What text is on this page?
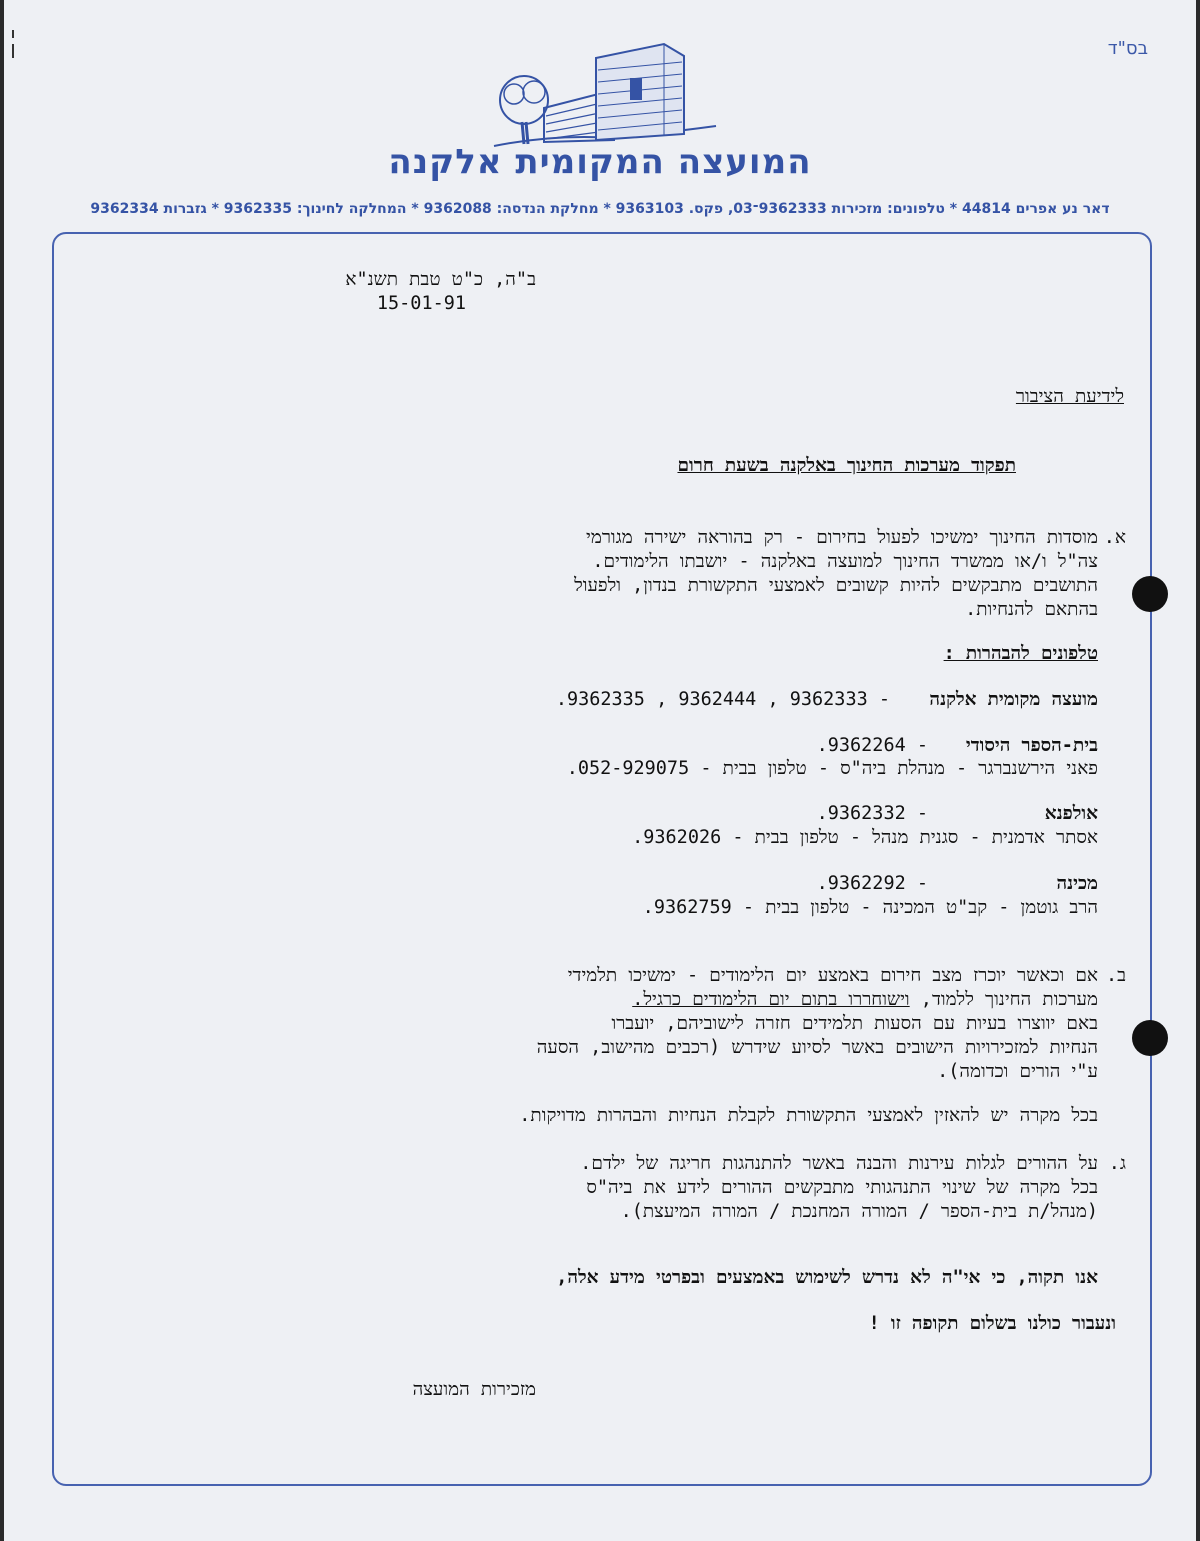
בס"ד
המועצה המקומית אלקנה
דאר נע אפרים 44814 * טלפונים: מזכירות 9362333־03, פקס. 9363103 * מחלקת הנדסה: 9362088 * המחלקה לחינוך: 9362335 * גזברות 9362334
ב"ה, כ"ט טבת תשנ"א
15-01-91
לידיעת הציבור
תפקוד מערכות החינוך באלקנה בשעת חרום
א.
מוסדות החינוך ימשיכו לפעול בחירום - רק בהוראה ישירה מגורמי
צה"ל ו/או ממשרד החינוך למועצה באלקנה - יושבתו הלימודים.
התושבים מתבקשים להיות קשובים לאמצעי התקשורת בנדון, ולפעול
בהתאם להנחיות.
טלפונים להבהרות :
מועצה מקומית אלקנה
- 9362333 , 9362444 , 9362335.
בית-הספר היסודי
- 9362264.
פאני הירשנברגר - מנהלת ביה"ס - טלפון בבית - 052-929075.
אולפנא
- 9362332.
אסתר אדמנית - סגנית מנהל - טלפון בבית - 9362026.
מכינה
- 9362292.
הרב גוטמן - קב"ט המכינה - טלפון בבית - 9362759.
ב.
אם וכאשר יוכרז מצב חירום באמצע יום הלימודים - ימשיכו תלמידי
מערכות החינוך ללמוד, וישוחררו בתום יום הלימודים כרגיל.
באם יווצרו בעיות עם הסעות תלמידים חזרה לישוביהם, יועברו
הנחיות למזכירויות הישובים באשר לסיוע שידרש (רכבים מהישוב, הסעה
ע"י הורים וכדומה).
בכל מקרה יש להאזין לאמצעי התקשורת לקבלת הנחיות והבהרות מדויקות.
ג.
על ההורים לגלות עירנות והבנה באשר להתנהגות חריגה של ילדם.
בכל מקרה של שינוי התנהגותי מתבקשים ההורים לידע את ביה"ס
(מנהל/ת בית-הספר / המורה המחנכת / המורה המיעצת).
אנו תקוה, כי אי"ה לא נדרש לשימוש באמצעים ובפרטי מידע אלה,
ונעבור כולנו בשלום תקופה זו !
מזכירות המועצה
